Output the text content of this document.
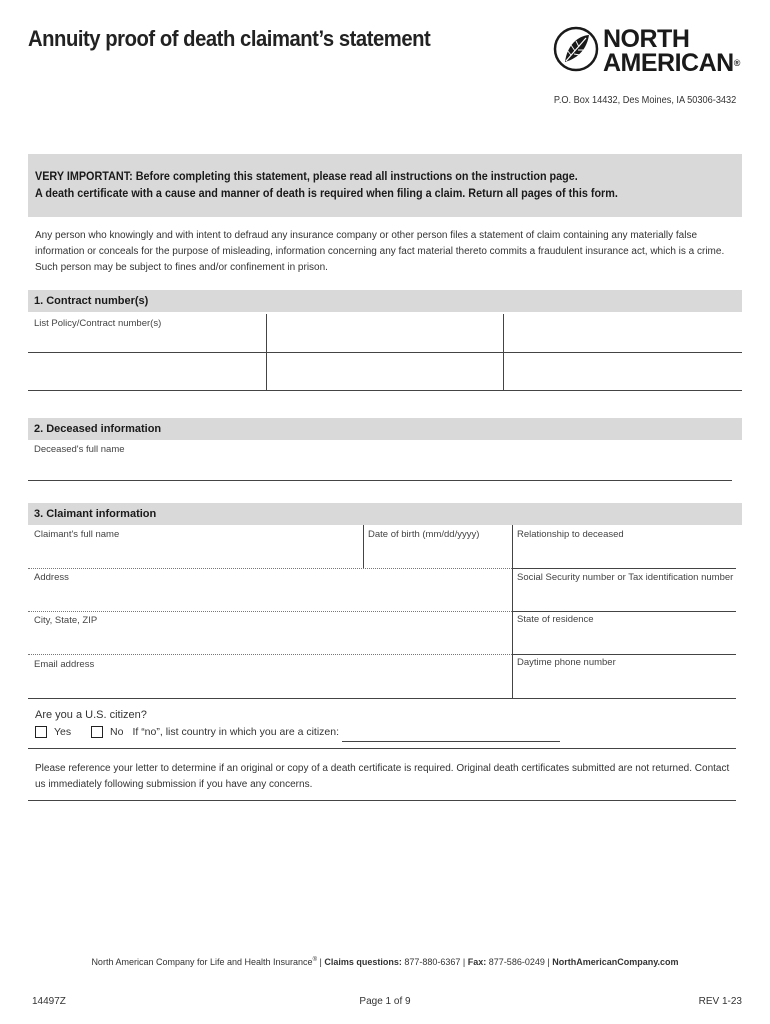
Annuity proof of death claimant’s statement	NORTH
AMERICAN®
P.O. Box 14432, Des Moines, IA 50306-3432

VERY IMPORTANT: Before completing this statement, please read all instructions on the instruction page.

A death certificate with a cause and manner of death is required when filing a claim. Return all pages of this form.

Any person who knowingly and with intent to defraud any insurance company or other person files a statement of claim containing any materially false information or conceals for the purpose of misleading, information concerning any fact material thereto commits a fraudulent insurance act, which is a crime. Such person may be subject to fines and/or confinement in prison.
1. Contract number(s)
List Policy/Contract number(s)
2. Deceased information
Deceased's full name
3. Claimant information
Claimant's full name	Date of birth (mm/dd/yyyy)	Relationship to deceased
Address	Social Security number or Tax identification number
City, State, ZIP	State of residence
Email address	Daytime phone number
Are you a U.S. citizen?
Yes	No If “no”, list country in which you are a citizen:
Please reference your letter to determine if an original or copy of a death certificate is required. Original death certificates submitted are not returned. Contact us immediately following submission if you have any concerns.
North American Company for Life and Health Insurance® | Claims questions: 877-880-6367 | Fax: 877-586-0249 | NorthAmericanCompany.com
14497Z	Page 1 of 9	REV 1-23
